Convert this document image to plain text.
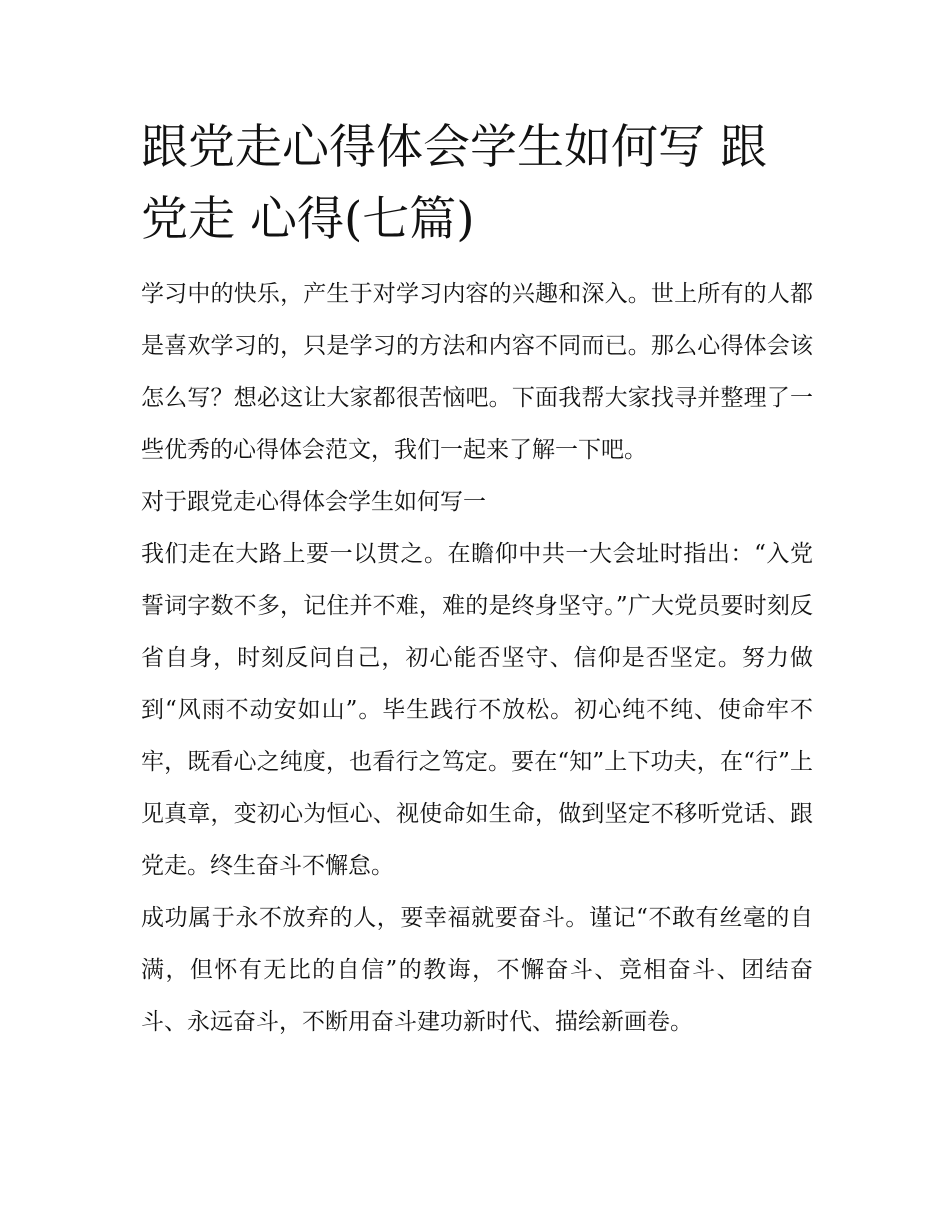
跟党走心得体会学生如何写 跟党走 心得(七篇)

学习中的快乐，产生于对学习内容的兴趣和深入。世上所有的人都是喜欢学习的，只是学习的方法和内容不同而已。那么心得体会该怎么写？想必这让大家都很苦恼吧。下面我帮大家找寻并整理了一些优秀的心得体会范文，我们一起来了解一下吧。

对于跟党走心得体会学生如何写一

我们走在大路上要一以贯之。在瞻仰中共一大会址时指出：“入党誓词字数不多，记住并不难，难的是终身坚守。”广大党员要时刻反省自身，时刻反问自己，初心能否坚守、信仰是否坚定。努力做到“风雨不动安如山”。毕生践行不放松。初心纯不纯、使命牢不牢，既看心之纯度，也看行之笃定。要在“知”上下功夫，在“行”上见真章，变初心为恒心、视使命如生命，做到坚定不移听党话、跟党走。终生奋斗不懈怠。

成功属于永不放弃的人，要幸福就要奋斗。谨记“不敢有丝毫的自满，但怀有无比的自信”的教诲，不懈奋斗、竞相奋斗、团结奋斗、永远奋斗，不断用奋斗建功新时代、描绘新画卷。
